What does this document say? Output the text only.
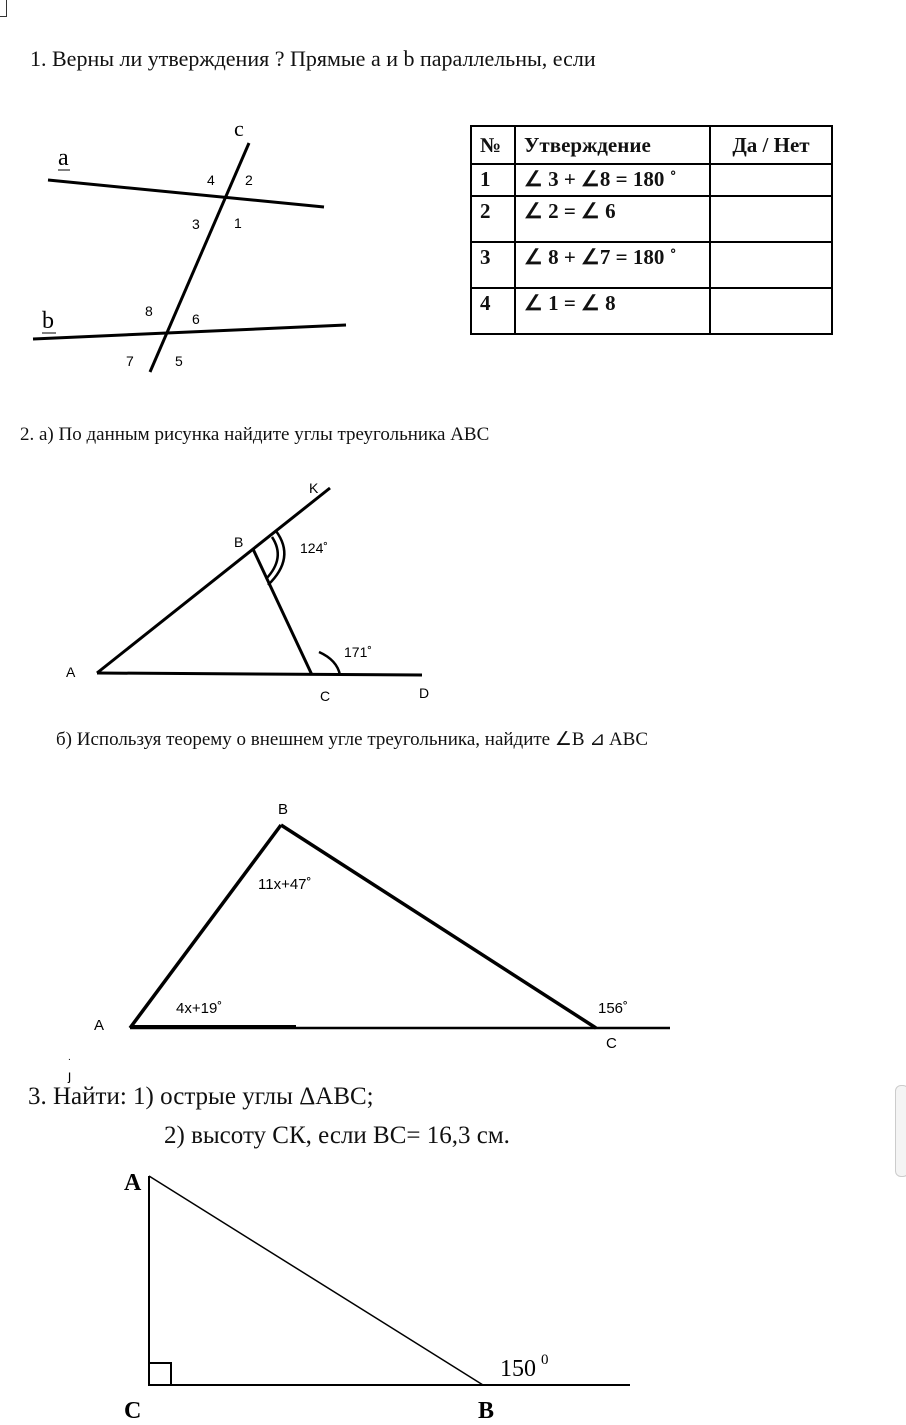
1. Верны ли утверждения ? Прямые а и b параллельны, если
a
b
c
4 2
3 1
8	6
7	5
K
B
A
C	D
124˚
171˚
B
A
C
11x+47˚
4x+19˚	156˚
.
ȷ
A
C	B
150 0
№	Утверждение	Да / Нет
1	∠ 3 + ∠8 = 180 ˚	
2	∠ 2 = ∠ 6	
3	∠ 8 + ∠7 = 180 ˚	
4	∠ 1 = ∠ 8	
2. а) По данным рисунка найдите углы треугольника АВС
б) Используя теорему о внешнем угле треугольника, найдите ∠B ⊿ ABC
3. Найти: 1) острые углы ΔАВС;
2) высоту СК, если ВС= 16,3 см.
